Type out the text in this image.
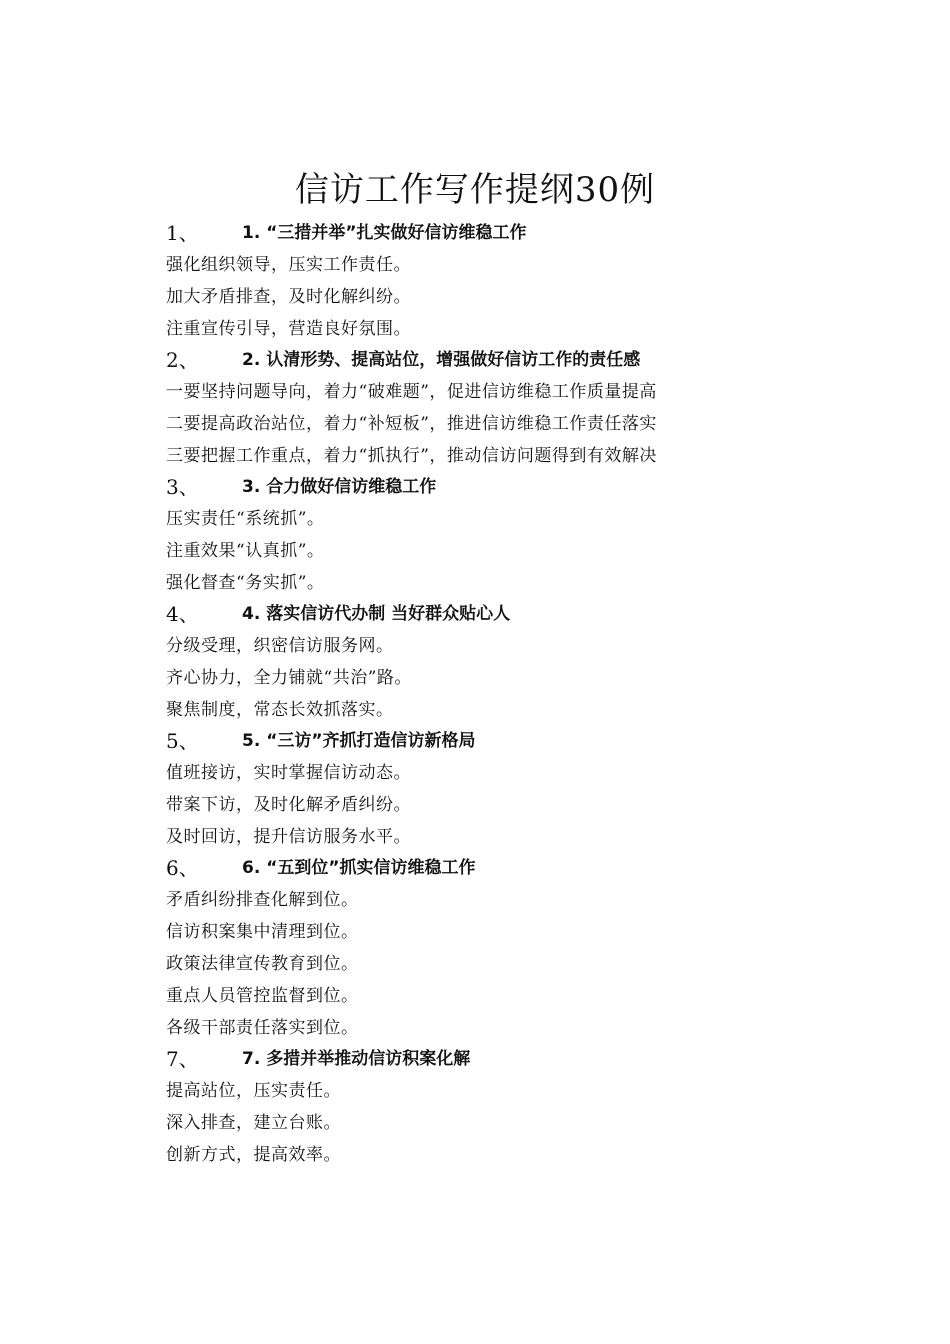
信访工作写作提纲30例
1、	1. “三措并举”扎实做好信访维稳工作
强化组织领导，压实工作责任。
加大矛盾排查，及时化解纠纷。
注重宣传引导，营造良好氛围。
2、	2. 认清形势、提高站位，增强做好信访工作的责任感
一要坚持问题导向，着力“破难题”，促进信访维稳工作质量提高
二要提高政治站位，着力“补短板”，推进信访维稳工作责任落实
三要把握工作重点，着力“抓执行”，推动信访问题得到有效解决
3、	3. 合力做好信访维稳工作
压实责任“系统抓”。
注重效果“认真抓”。
强化督查“务实抓”。
4、	4. 落实信访代办制 当好群众贴心人
分级受理，织密信访服务网。
齐心协力，全力铺就“共治”路。
聚焦制度，常态长效抓落实。
5、	5. “三访”齐抓打造信访新格局
值班接访，实时掌握信访动态。
带案下访，及时化解矛盾纠纷。
及时回访，提升信访服务水平。
6、	6. “五到位”抓实信访维稳工作
矛盾纠纷排查化解到位。
信访积案集中清理到位。
政策法律宣传教育到位。
重点人员管控监督到位。
各级干部责任落实到位。
7、	7. 多措并举推动信访积案化解
提高站位，压实责任。
深入排查，建立台账。
创新方式，提高效率。
